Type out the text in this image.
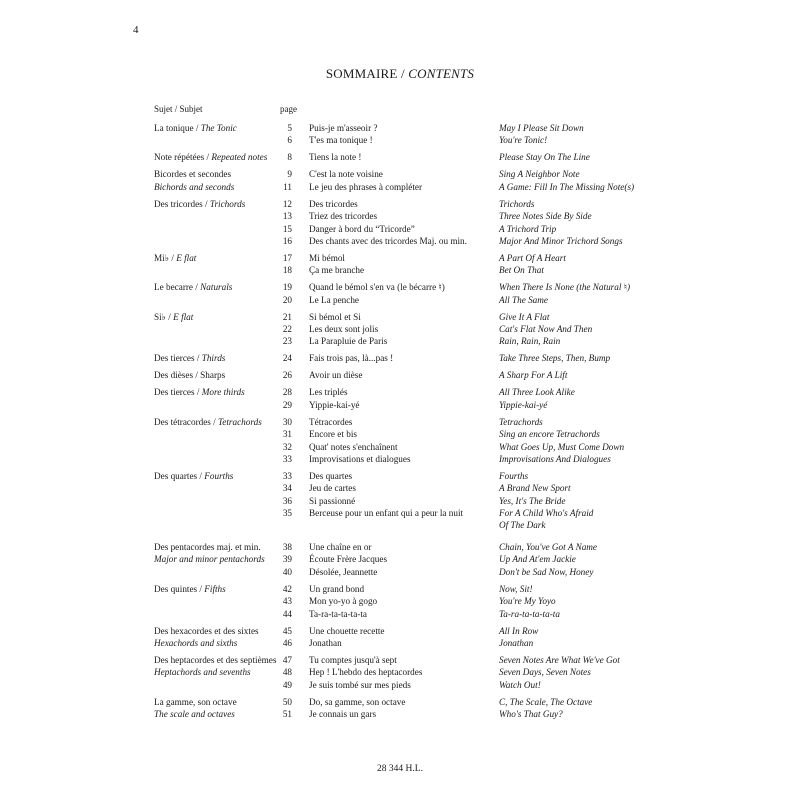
4
SOMMAIRE / CONTENTS
Sujet / Subjet	page
La tonique / The Tonic	5 Puis-je m'asseoir ?	May I Please Sit Down
6 T'es ma tonique !	You're Tonic!
Note répétées / Repeated notes	8 Tiens la note !	Please Stay On The Line
Bicordes et secondes	9 C'est la note voisine	Sing A Neighbor Note
Bichords and seconds	11 Le jeu des phrases à compléter	A Game: Fill In The Missing Note(s)
Des tricordes / Trichords	12 Des tricordes	Trichords
13 Triez des tricordes	Three Notes Side By Side
15 Danger à bord du “Tricorde”	A Trichord Trip
16 Des chants avec des tricordes Maj. ou min.	Major And Minor Trichord Songs
Mi♭ / E flat	17 Mi bémol	A Part Of A Heart
18 Ça me branche	Bet On That
Le becarre / Naturals	19 Quand le bémol s'en va (le bécarre ♮)	When There Is None (the Natural ♮)
20 Le La penche	All The Same
Si♭ / E flat	21 Si bémol et Si	Give It A Flat
22 Les deux sont jolis	Cat's Flat Now And Then
23 La Parapluie de Paris	Rain, Rain, Rain
Des tierces / Thirds	24 Fais trois pas, là...pas !	Take Three Steps, Then, Bump
Des dièses / Sharps	26 Avoir un dièse	A Sharp For A Lift
Des tierces / More thirds	28 Les triplés	All Three Look Alike
29 Yippie-kai-yé	Yippie-kai-yé
Des tétracordes / Tetrachords	30 Tétracordes	Tetrachords
31 Encore et bis	Sing an encore Tetrachords
32 Quat' notes s'enchaînent	What Goes Up, Must Come Down
33 Improvisations et dialogues	Improvisations And Dialogues
Des quartes / Fourths	33 Des quartes	Fourths
34 Jeu de cartes	A Brand New Sport
36 Si passionné	Yes, It's The Bride
35 Berceuse pour un enfant qui a peur la nuit	For A Child Who's Afraid
Of The Dark
Des pentacordes maj. et min.	38 Une chaîne en or	Chain, You've Got A Name
Major and minor pentachords	39 Écoute Frère Jacques	Up And At'em Jackie
40 Désolée, Jeannette	Don't be Sad Now, Honey
Des quintes / Fifths	42 Un grand bond	Now, Sit!
43 Mon yo-yo à gogo	You're My Yoyo
44 Ta-ra-ta-ta-ta-ta	Ta-ra-ta-ta-ta-ta
Des hexacordes et des sixtes	45 Une chouette recette	All In Row
Hexachords and sixths	46 Jonathan	Jonathan
Des heptacordes et des septièmes 47 Tu comptes jusqu'à sept	Seven Notes Are What We've Got
Heptachords and sevenths	48 Hep ! L'hebdo des heptacordes	Seven Days, Seven Notes
49 Je suis tombé sur mes pieds	Watch Out!
La gamme, son octave	50 Do, sa gamme, son octave	C, The Scale, The Octave
The scale and octaves	51 Je connais un gars	Who's That Guy?
28 344 H.L.
